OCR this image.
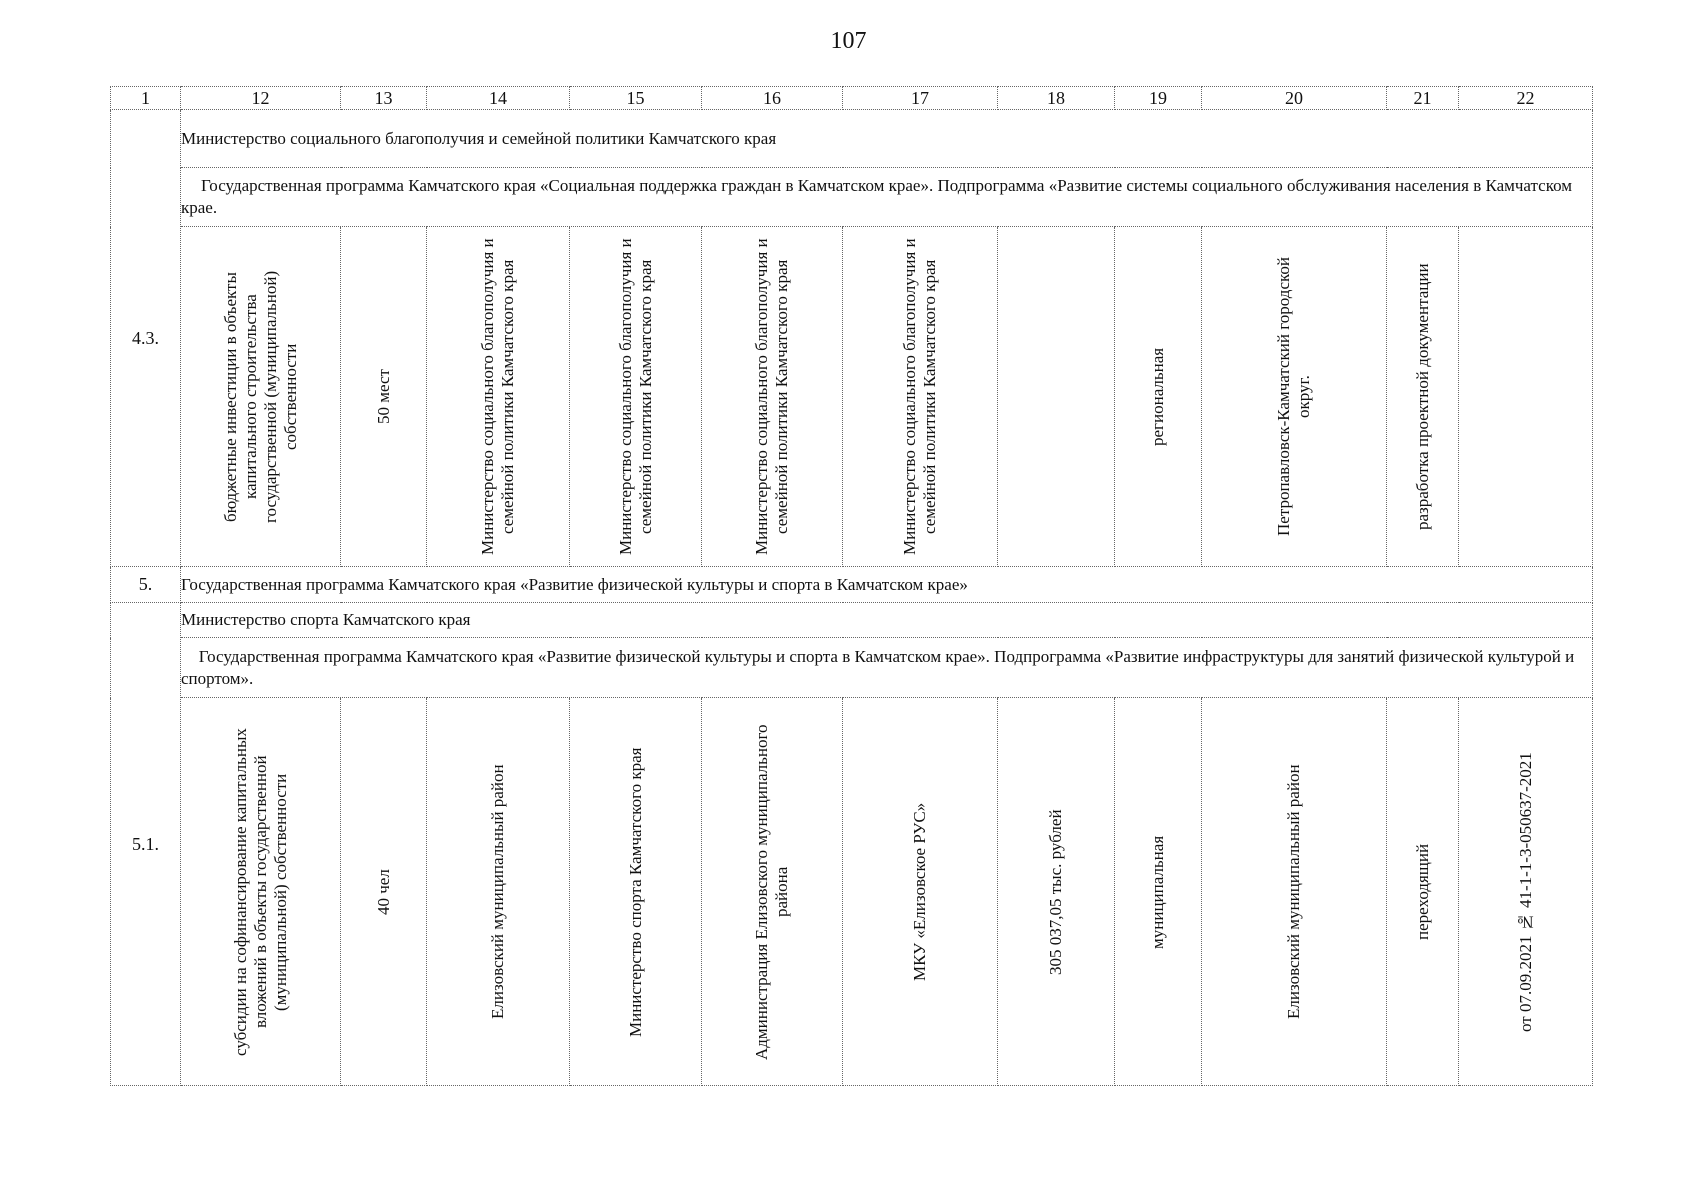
107
1	12	13	14	15	16	17	18	19	20	21	22
4.3.	Министерство социального благополучия и семейной политики Камчатского края										
	Государственная программа Камчатского края «Социальная поддержка граждан в Камчатском крае». Подпрограмма «Развитие системы социального обслуживания населения в Камчатском крае.										

	бюджетные инвестиции в объекты капитального строительства государственной (муниципальной) собственности	50 мест	Министерство социального благополучия и семейной политики Камчатского края	Министерство социального благополучия и семейной политики Камчатского края	Министерство социального благополучия и семейной политики Камчатского края	Министерство социального благополучия и семейной политики Камчатского края		региональная	Петропавловск-Камчатский городской округ.	разработка проектной документации	

5.	Государственная программа Камчатского края «Развитие физической культуры и спорта в Камчатском крае»										
5.1.	Министерство спорта Камчатского края										
	Государственная программа Камчатского края «Развитие физической культуры и спорта в Камчатском крае». Подпрограмма «Развитие инфраструктуры для занятий физической культурой и спортом».										

	субсидии на софинансирование капитальных вложений в объекты государственной (муниципальной) собственности	40 чел	Елизовский муниципальный район	Министерство спорта Камчатского края	Администрация Елизовского муниципального района	МКУ «Елизовское РУС»	305 037,05 тыс. рублей	муниципальная	Елизовский муниципальный район	переходящий	от 07.09.2021 № 41-1-1-3-050637-2021
